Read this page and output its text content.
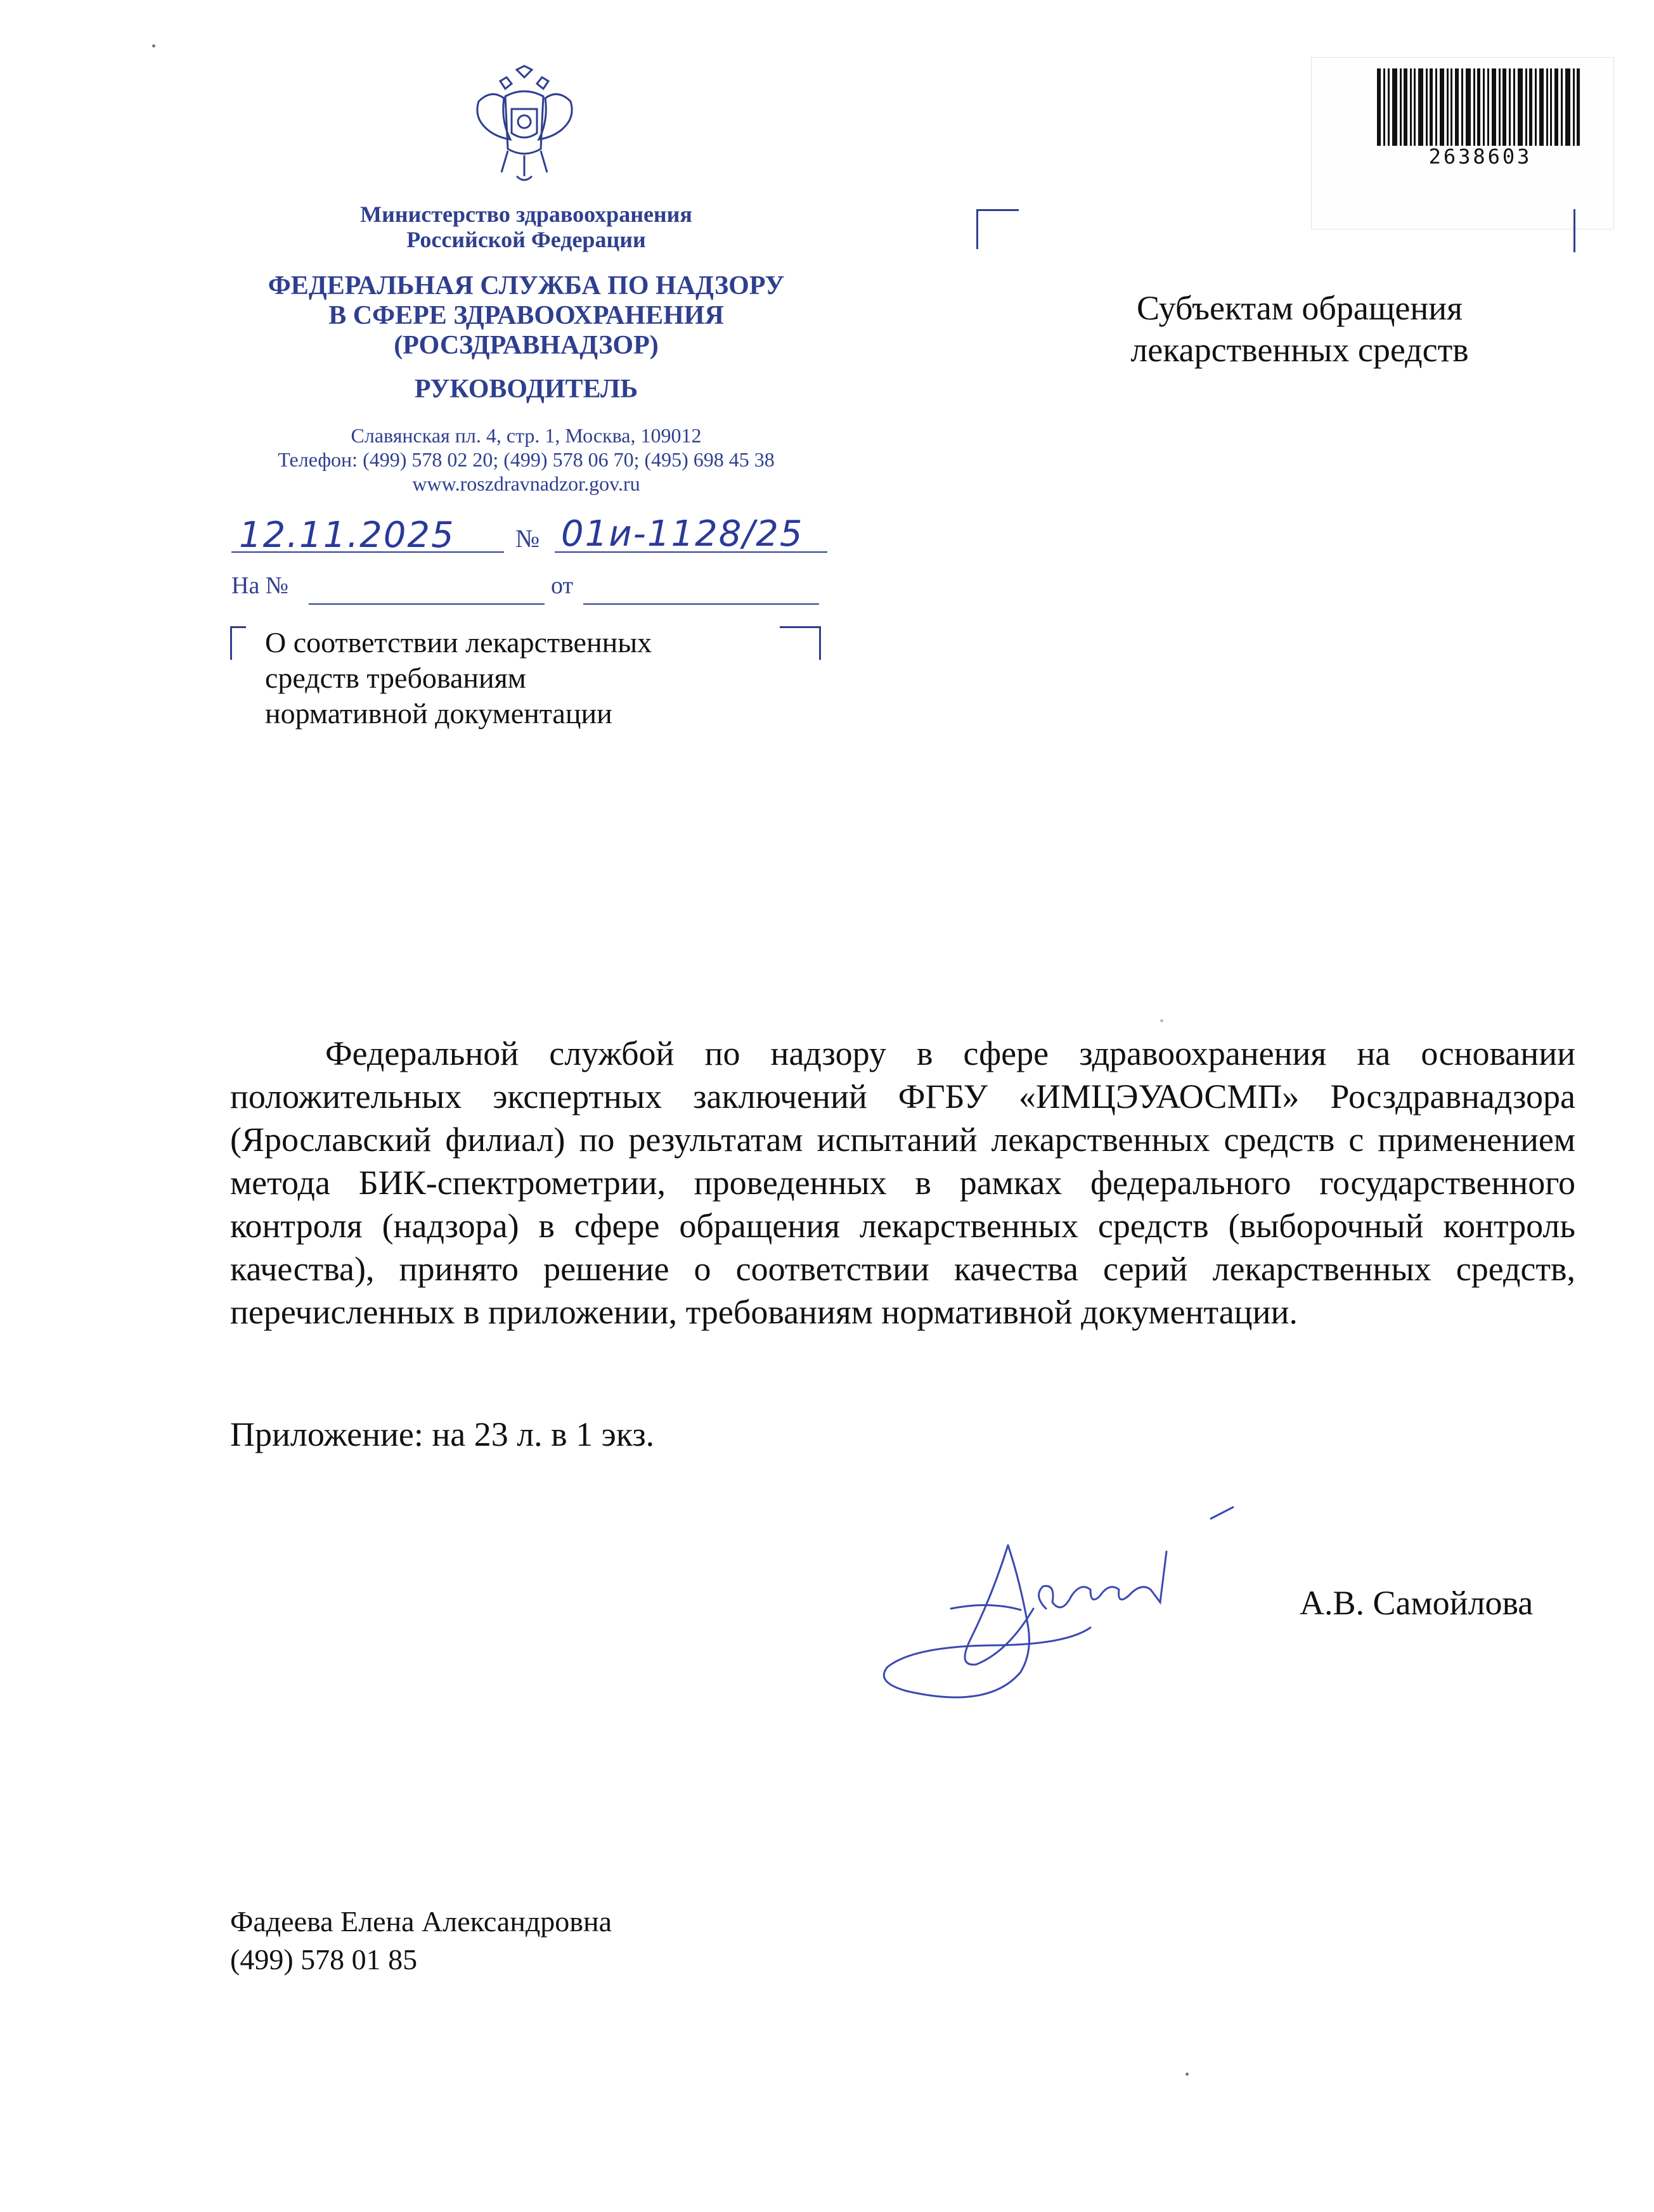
2638603
Министерство здравоохранения
Российской Федерации
ФЕДЕРАЛЬНАЯ СЛУЖБА ПО НАДЗОРУ
В СФЕРЕ ЗДРАВООХРАНЕНИЯ
(РОСЗДРАВНАДЗОР)
РУКОВОДИТЕЛЬ
Славянская пл. 4, стр. 1, Москва, 109012
Телефон: (499) 578 02 20; (499) 578 06 70; (495) 698 45 38
www.roszdravnadzor.gov.ru
12.11.2025 № 01и-1128/25
На №	от
О соответствии лекарственных
средств требованиям
нормативной документации
Субъектам обращения
лекарственных средств

Федеральной службой по надзору в сфере здравоохранения на основании положительных экспертных заключений ФГБУ «ИМЦЭУАОСМП» Росздравнадзора (Ярославский филиал) по результатам испытаний лекарственных средств с применением метода БИК-спектрометрии, проведенных в рамках федерального государственного контроля (надзора) в сфере обращения лекарственных средств (выборочный контроль качества), принято решение о соответствии качества серий лекарственных средств, перечисленных в приложении, требованиям нормативной документации.

Приложение: на 23 л. в 1 экз.
А.В. Самойлова
Фадеева Елена Александровна
(499) 578 01 85
